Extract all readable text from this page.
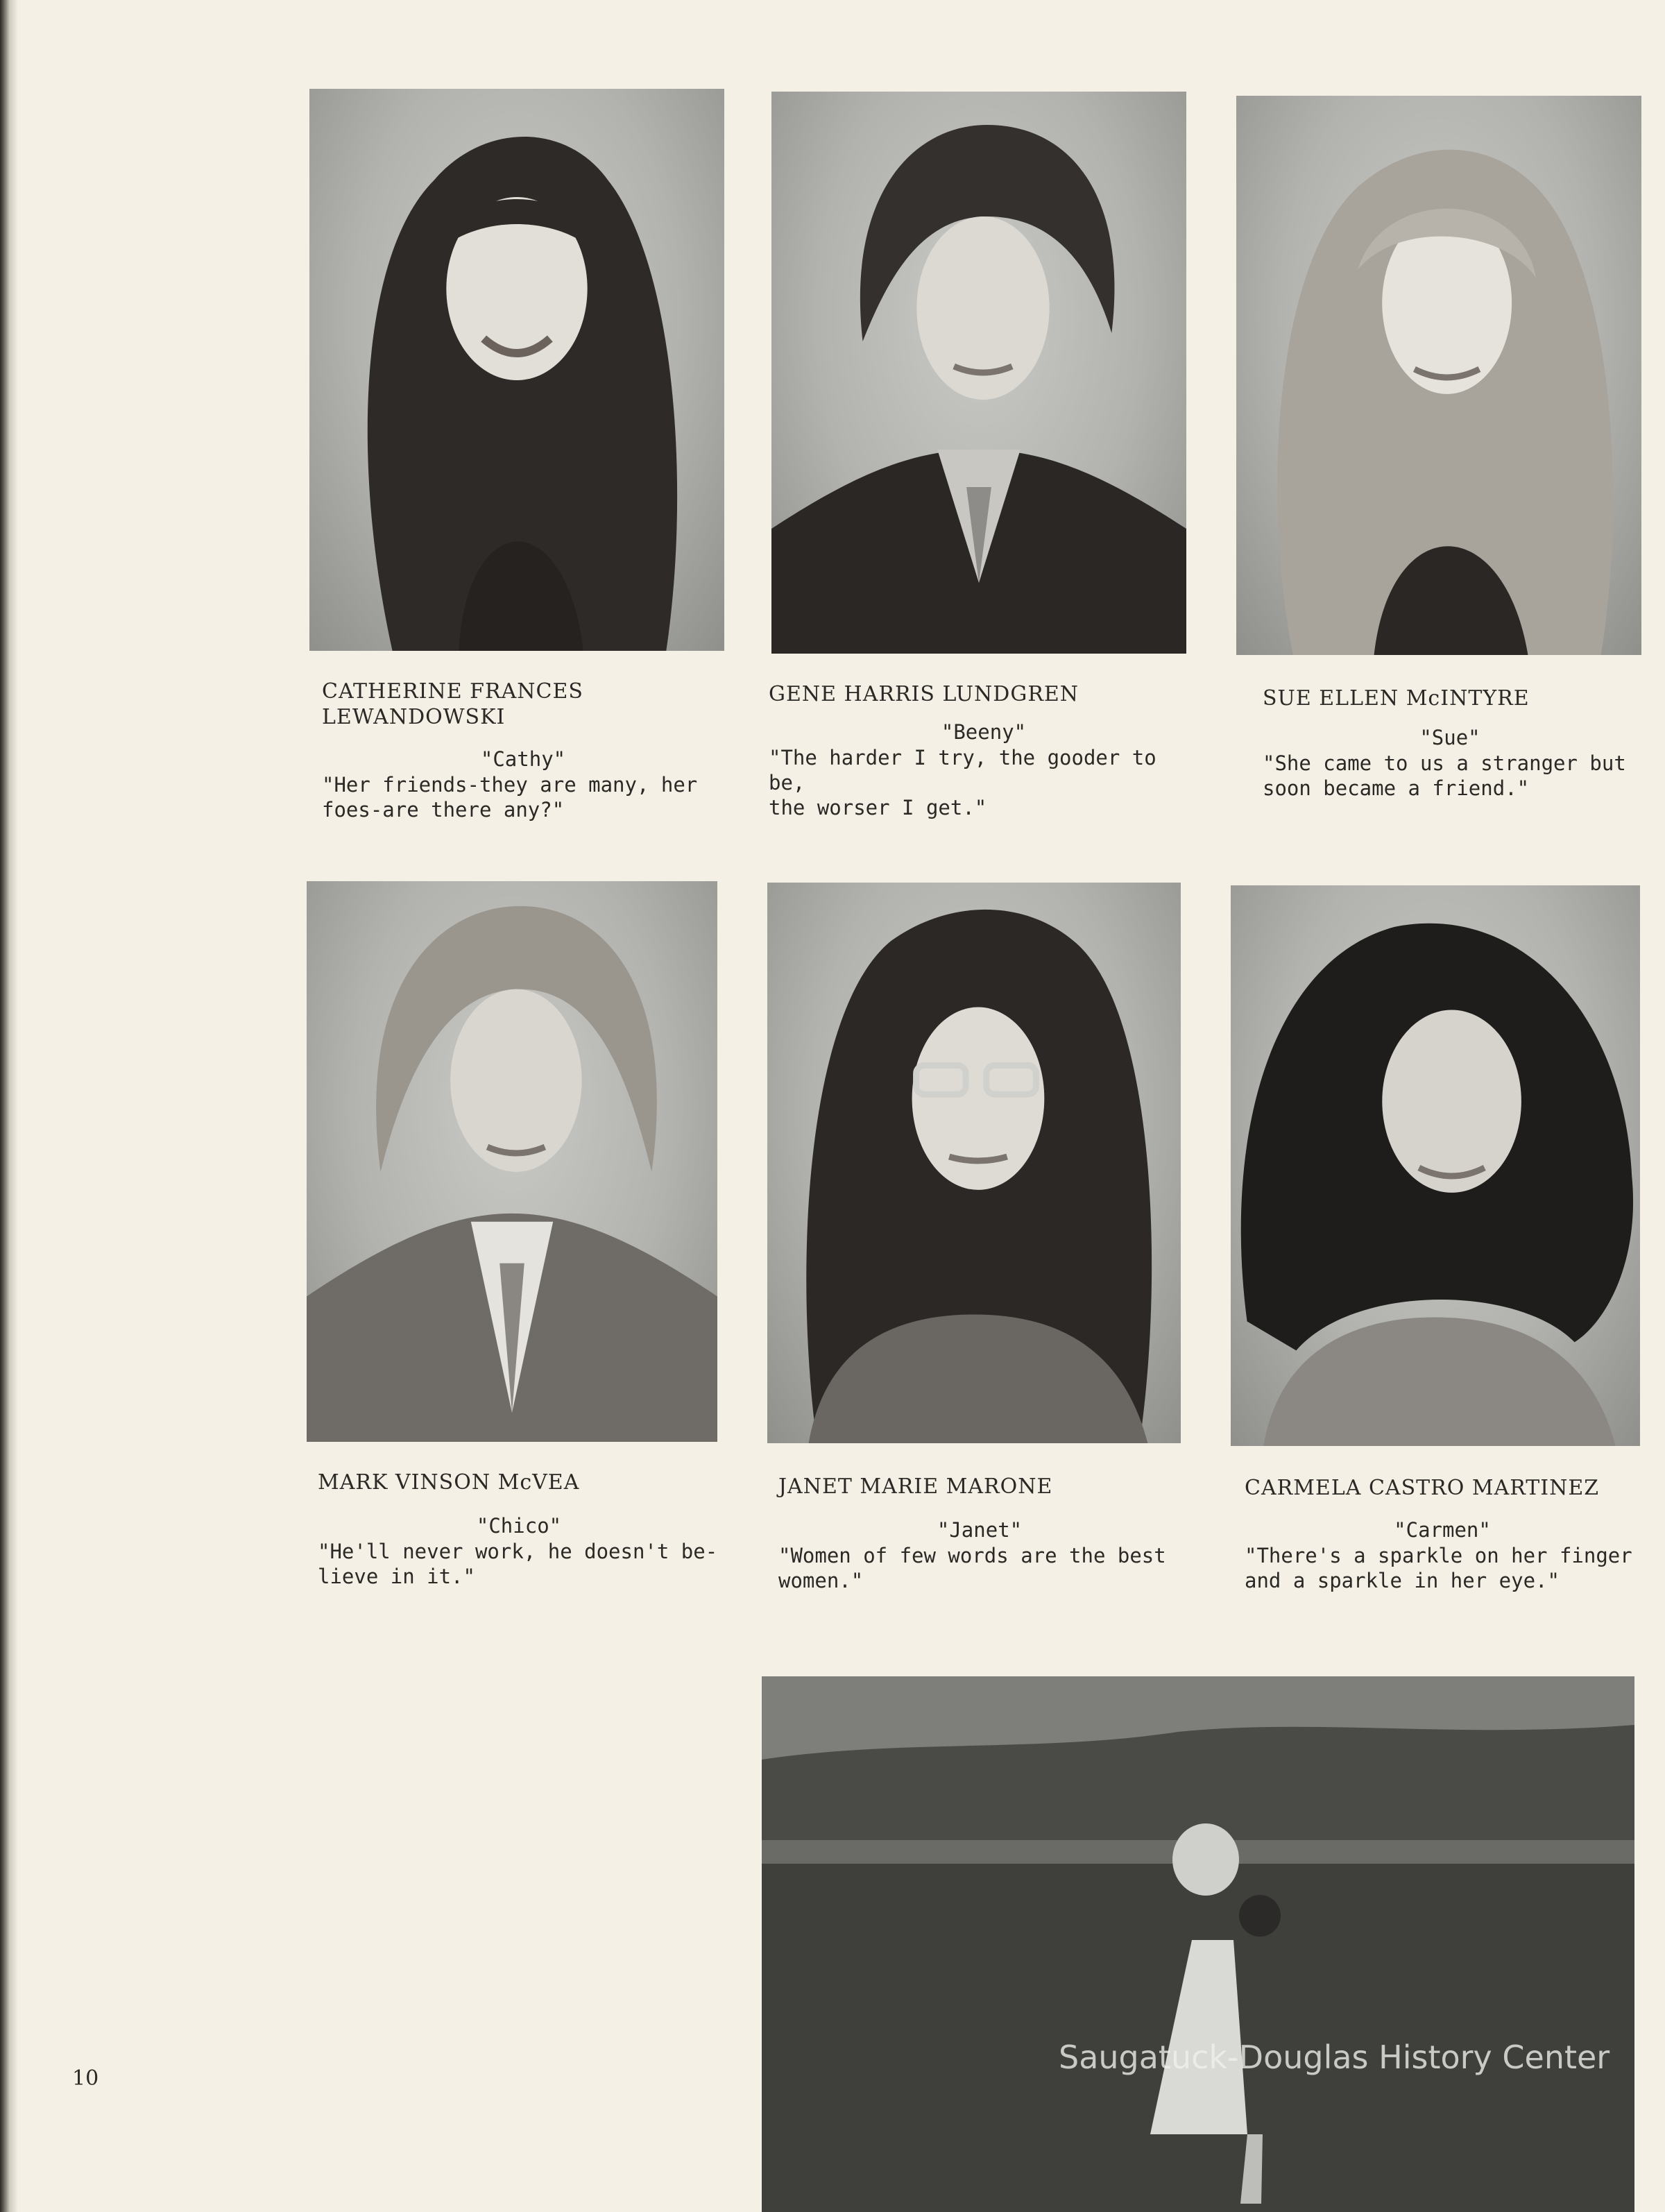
CATHERINE FRANCES
LEWANDOWSKI
"Cathy"
"Her friends-they are many, her
foes-are there any?"
GENE HARRIS LUNDGREN
"Beeny"
"The harder I try, the gooder to be,
the worser I get."
SUE ELLEN McINTYRE
"Sue"
"She came to us a stranger but
soon became a friend."
MARK VINSON McVEA
"Chico"
"He'll never work, he doesn't be-
lieve in it."
JANET MARIE MARONE
"Janet"
"Women of few words are the best
women."
CARMELA CASTRO MARTINEZ
"Carmen"
"There's a sparkle on her finger
and a sparkle in her eye."
10
Saugatuck-Douglas History Center
